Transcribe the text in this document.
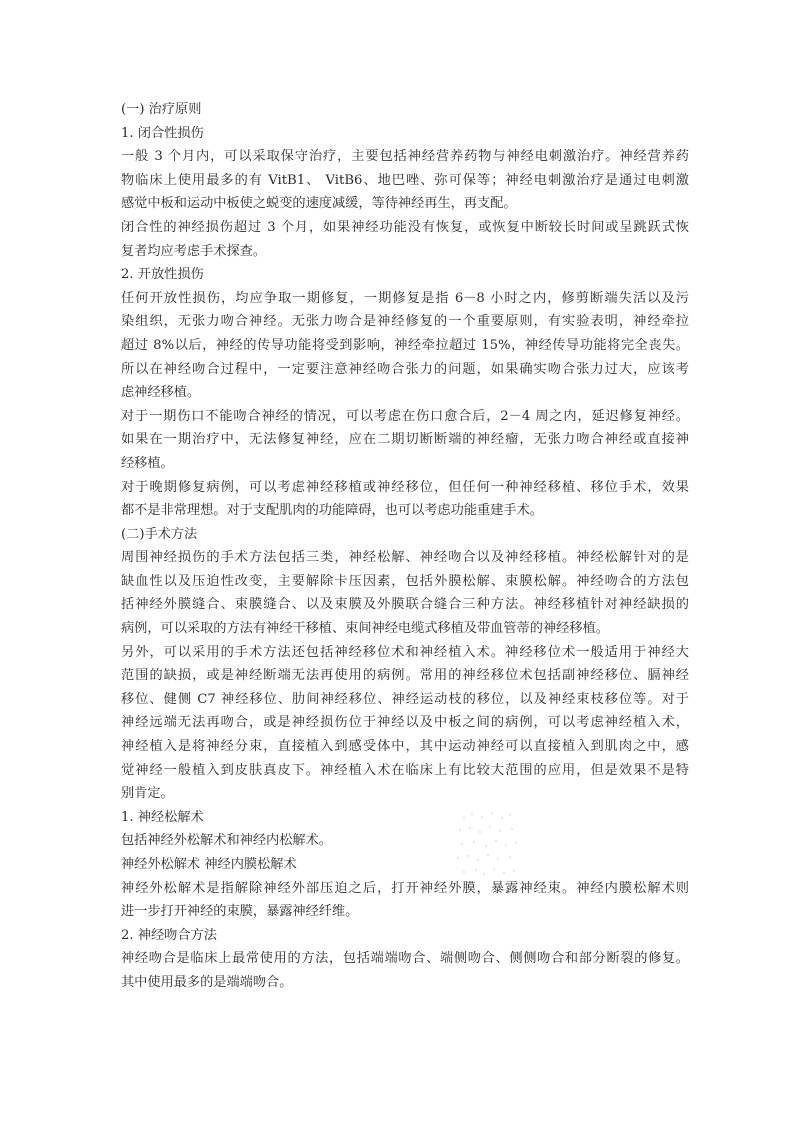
(一) 治疗原则
1. 闭合性损伤
一般 3 个月内，可以采取保守治疗，主要包括神经营养药物与神经电刺激治疗。神经营养药
物临床上使用最多的有 VitB1、 VitB6、地巴唑、弥可保等；神经电刺激治疗是通过电刺激
感觉中板和运动中板使之蜕变的速度减缓，等待神经再生，再支配。
闭合性的神经损伤超过 3 个月，如果神经功能没有恢复，或恢复中断较长时间或呈跳跃式恢
复者均应考虑手术探查。
2. 开放性损伤
任何开放性损伤，均应争取一期修复，一期修复是指 6－8 小时之内，修剪断端失活以及污
染组织，无张力吻合神经。无张力吻合是神经修复的一个重要原则，有实验表明，神经牵拉
超过 8%以后，神经的传导功能将受到影响，神经牵拉超过 15%，神经传导功能将完全丧失。
所以在神经吻合过程中，一定要注意神经吻合张力的问题，如果确实吻合张力过大，应该考
虑神经移植。
对于一期伤口不能吻合神经的情况，可以考虑在伤口愈合后，2－4 周之内，延迟修复神经。
如果在一期治疗中，无法修复神经，应在二期切断断端的神经瘤，无张力吻合神经或直接神
经移植。
对于晚期修复病例，可以考虑神经移植或神经移位，但任何一种神经移植、移位手术，效果
都不是非常理想。对于支配肌肉的功能障碍，也可以考虑功能重建手术。
(二)手术方法
周围神经损伤的手术方法包括三类，神经松解、神经吻合以及神经移植。神经松解针对的是
缺血性以及压迫性改变，主要解除卡压因素，包括外膜松解、束膜松解。神经吻合的方法包
括神经外膜缝合、束膜缝合、以及束膜及外膜联合缝合三种方法。神经移植针对神经缺损的
病例，可以采取的方法有神经干移植、束间神经电缆式移植及带血管蒂的神经移植。
另外，可以采用的手术方法还包括神经移位术和神经植入术。神经移位术一般适用于神经大
范围的缺损，或是神经断端无法再使用的病例。常用的神经移位术包括副神经移位、膈神经
移位、健侧 C7 神经移位、肋间神经移位、神经运动枝的移位，以及神经束枝移位等。对于
神经远端无法再吻合，或是神经损伤位于神经以及中板之间的病例，可以考虑神经植入术，
神经植入是将神经分束，直接植入到感受体中，其中运动神经可以直接植入到肌肉之中，感
觉神经一般植入到皮肤真皮下。神经植入术在临床上有比较大范围的应用，但是效果不是特
别肯定。
1. 神经松解术
包括神经外松解术和神经内松解术。
神经外松解术 神经内膜松解术
神经外松解术是指解除神经外部压迫之后，打开神经外膜，暴露神经束。神经内膜松解术则
进一步打开神经的束膜，暴露神经纤维。
2. 神经吻合方法
神经吻合是临床上最常使用的方法，包括端端吻合、端侧吻合、侧侧吻合和部分断裂的修复。
其中使用最多的是端端吻合。
